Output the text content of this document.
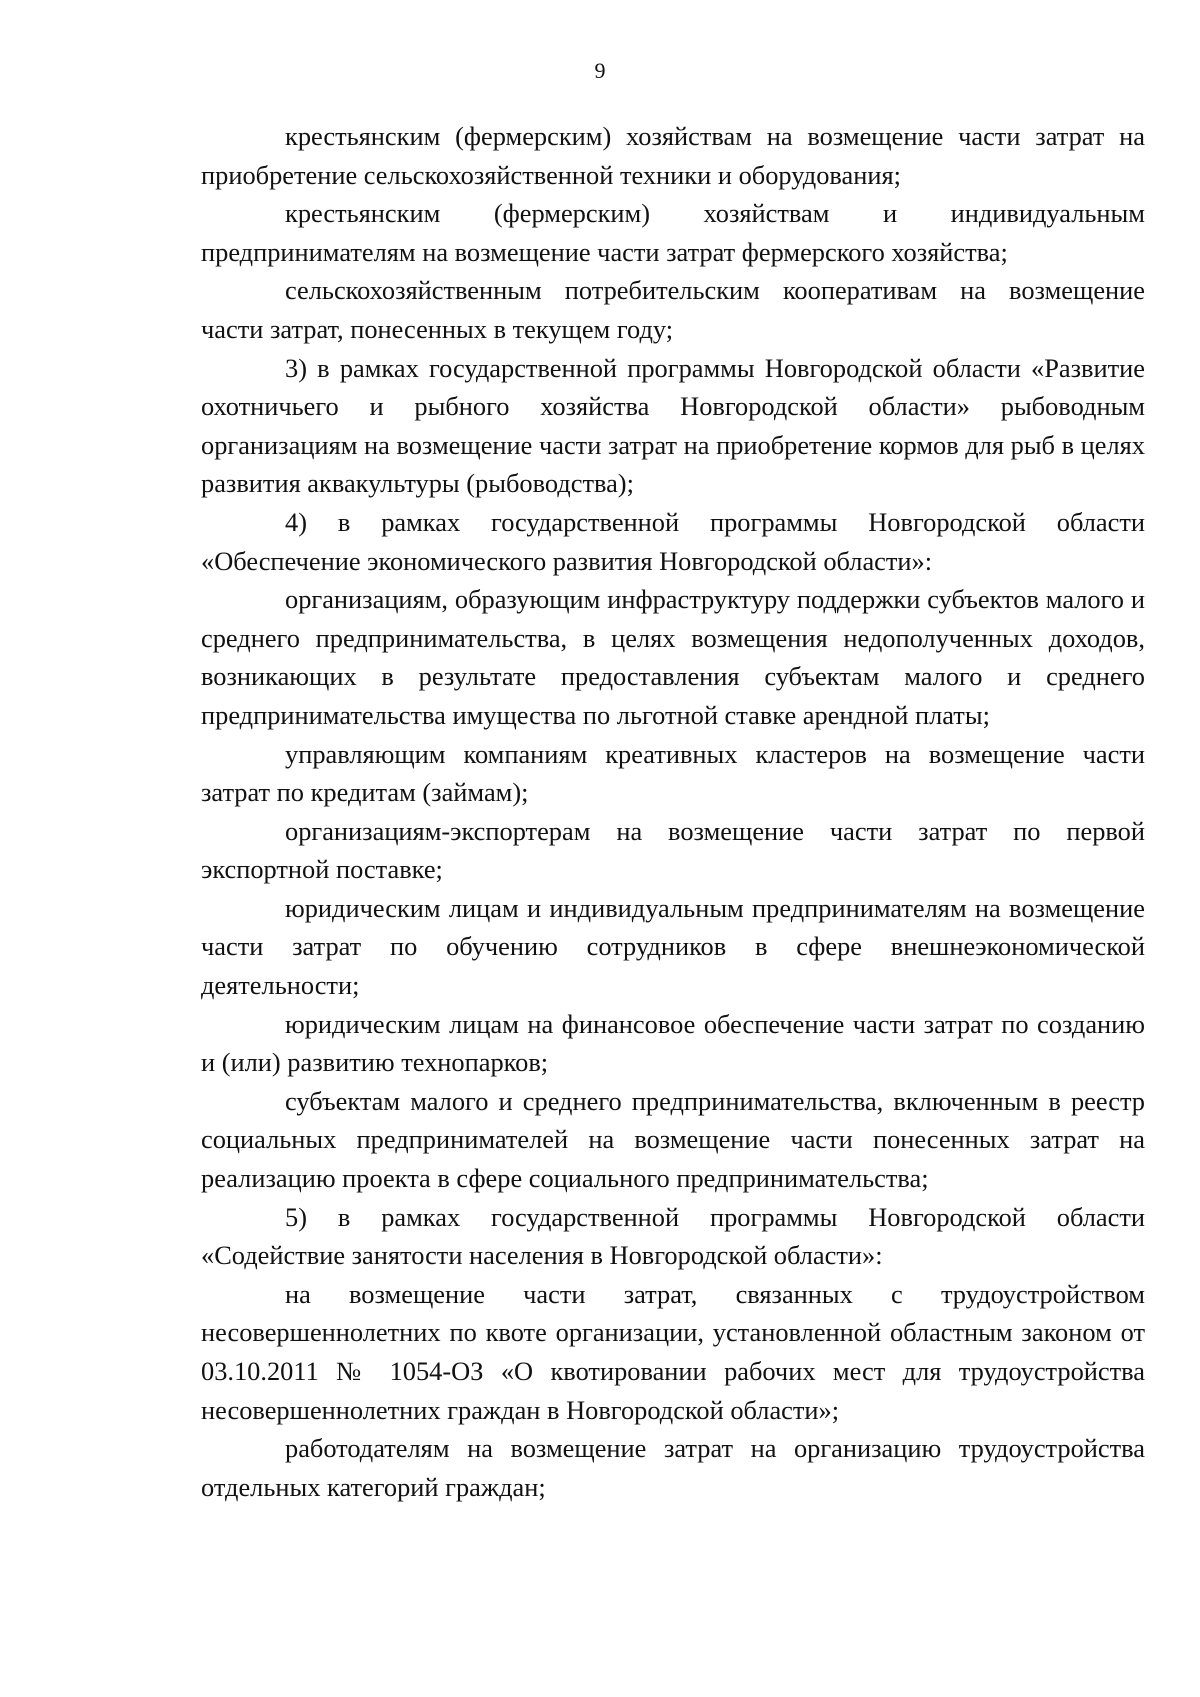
9

крестьянским (фермерским) хозяйствам на возмещение части затрат на приобретение сельскохозяйственной техники и оборудования;

крестьянским (фермерским) хозяйствам и индивидуальным предпринимателям на возмещение части затрат фермерского хозяйства;

сельскохозяйственным потребительским кооперативам на возмещение части затрат, понесенных в текущем году;

3) в рамках государственной программы Новгородской области «Развитие охотничьего и рыбного хозяйства Новгородской области» рыбоводным организациям на возмещение части затрат на приобретение кормов для рыб в целях развития аквакультуры (рыбоводства);

4) в рамках государственной программы Новгородской области «Обеспечение экономического развития Новгородской области»:

организациям, образующим инфраструктуру поддержки субъектов малого и среднего предпринимательства, в целях возмещения недополученных доходов, возникающих в результате предоставления субъектам малого и среднего предпринимательства имущества по льготной ставке арендной платы;

управляющим компаниям креативных кластеров на возмещение части затрат по кредитам (займам);

организациям-экспортерам на возмещение части затрат по первой экспортной поставке;

юридическим лицам и индивидуальным предпринимателям на возмещение части затрат по обучению сотрудников в сфере внешнеэкономической деятельности;

юридическим лицам на финансовое обеспечение части затрат по созданию и (или) развитию технопарков;

субъектам малого и среднего предпринимательства, включенным в реестр социальных предпринимателей на возмещение части понесенных затрат на реализацию проекта в сфере социального предпринимательства;

5) в рамках государственной программы Новгородской области «Содействие занятости населения в Новгородской области»:

на возмещение части затрат, связанных с трудоустройством несовершеннолетних по квоте организации, установленной областным законом от 03.10.2011 № 1054-ОЗ «О квотировании рабочих мест для трудоустройства несовершеннолетних граждан в Новгородской области»;

работодателям на возмещение затрат на организацию трудоустройства отдельных категорий граждан;
